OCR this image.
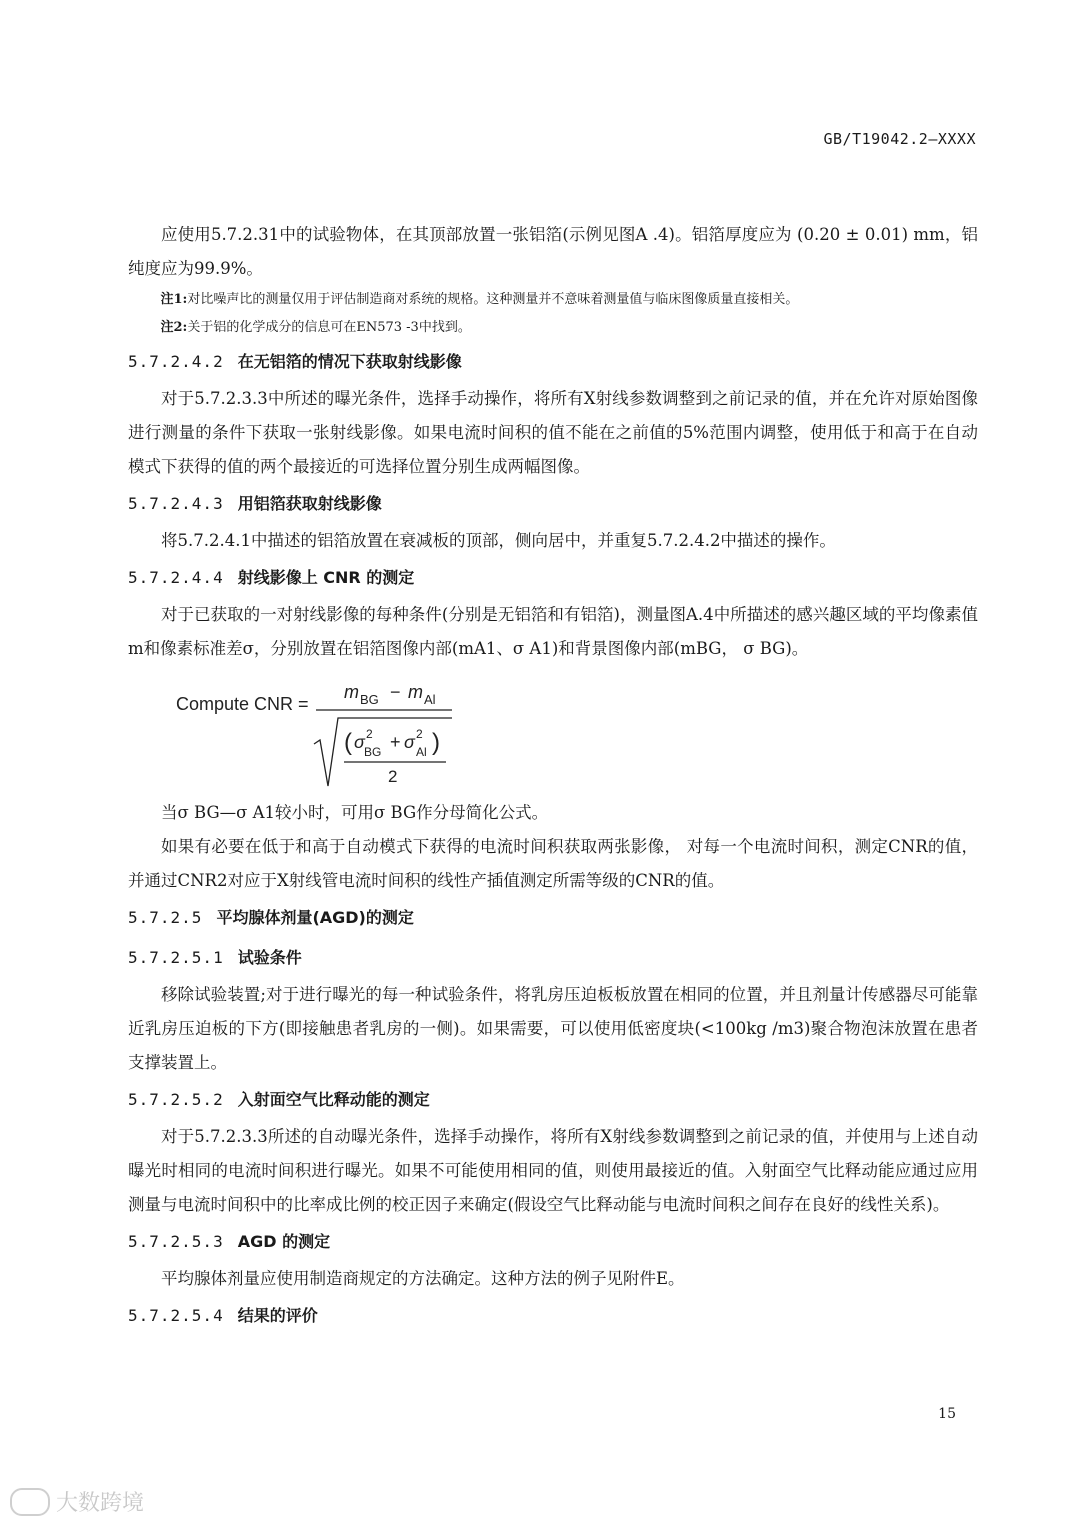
GB/T19042.2—XXXX

应使用5.7.2.31中的试验物体，在其顶部放置一张铝箔(示例见图A .4)。铝箔厚度应为 (0.20 ± 0.01) mm，铝纯度应为99.9%。

注1:对比噪声比的测量仅用于评估制造商对系统的规格。这种测量并不意味着测量值与临床图像质量直接相关。
注2:关于铝的化学成分的信息可在EN573 -3中找到。
5.7.2.4.2 在无铝箔的情况下获取射线影像

对于5.7.2.3.3中所述的曝光条件，选择手动操作，将所有X射线参数调整到之前记录的值，并在允许对原始图像进行测量的条件下获取一张射线影像。如果电流时间积的值不能在之前值的5%范围内调整，使用低于和高于在自动模式下获得的值的两个最接近的可选择位置分别生成两幅图像。

5.7.2.4.3 用铝箔获取射线影像

将5.7.2.4.1中描述的铝箔放置在衰减板的顶部，侧向居中，并重复5.7.2.4.2中描述的操作。

5.7.2.4.4 射线影像上 CNR 的测定

对于已获取的一对射线影像的每种条件(分别是无铝箔和有铝箔)，测量图A.4中所描述的感兴趣区域的平均像素值m和像素标准差σ，分别放置在铝箔图像内部(mA1、σ A1)和背景图像内部(mBG， σ BG)。

Compute CNR =
m BG − m Al
( σ 2
BG + σ 2
Al )
2

当σ BG—σ A1较小时，可用σ BG作分母简化公式。

如果有必要在低于和高于自动模式下获得的电流时间积获取两张影像， 对每一个电流时间积，测定CNR的值，并通过CNR2对应于X射线管电流时间积的线性产插值测定所需等级的CNR的值。

5.7.2.5 平均腺体剂量(AGD)的测定
5.7.2.5.1 试验条件

移除试验装置;对于进行曝光的每一种试验条件，将乳房压迫板板放置在相同的位置，并且剂量计传感器尽可能靠近乳房压迫板的下方(即接触患者乳房的一侧)。如果需要，可以使用低密度块(<100kg /m3)聚合物泡沫放置在患者支撑装置上。

5.7.2.5.2 入射面空气比释动能的测定

对于5.7.2.3.3所述的自动曝光条件，选择手动操作，将所有X射线参数调整到之前记录的值，并使用与上述自动曝光时相同的电流时间积进行曝光。如果不可能使用相同的值，则使用最接近的值。入射面空气比释动能应通过应用测量与电流时间积中的比率成比例的校正因子来确定(假设空气比释动能与电流时间积之间存在良好的线性关系)。

5.7.2.5.3 AGD 的测定

平均腺体剂量应使用制造商规定的方法确定。这种方法的例子见附件E。

5.7.2.5.4 结果的评价
15
大数跨境
